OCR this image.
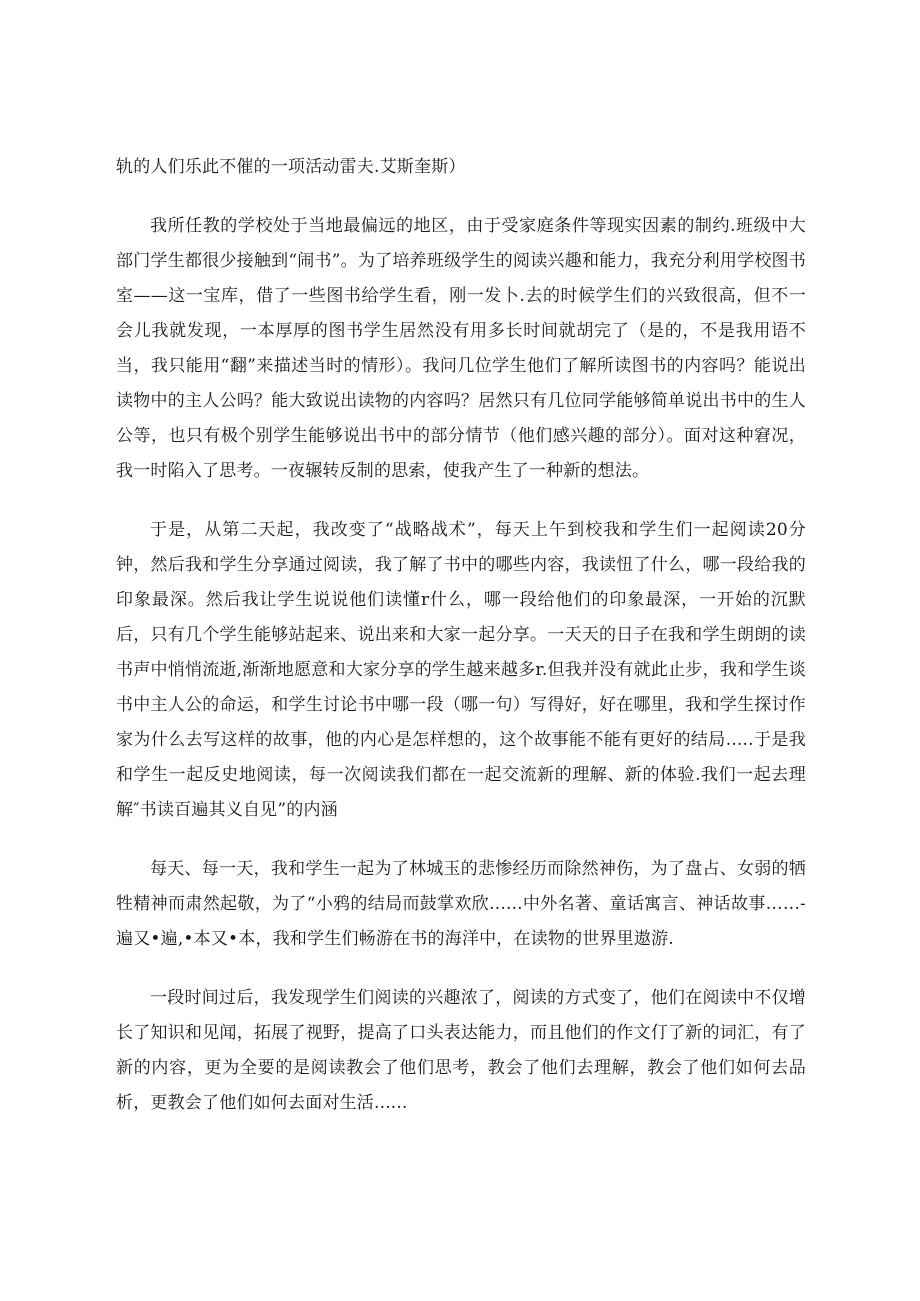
轨的人们乐此不催的一项活动雷夫.艾斯奎斯）

我所任教的学校处于当地最偏远的地区，由于受家庭条件等现实因素的制约.班级中大部门学生都很少接触到“闹书”。为了培养班级学生的阅读兴趣和能力，我充分利用学校图书室——这一宝库，借了一些图书给学生看，刚一发卜.去的时候学生们的兴致很高，但不一会儿我就发现，一本厚厚的图书学生居然没有用多长时间就胡完了（是的，不是我用语不当，我只能用“翻”来描述当时的情形）。我问几位学生他们了解所读图书的内容吗？能说出读物中的主人公吗？能大致说出读物的内容吗？居然只有几位同学能够简单说出书中的生人公等，也只有极个别学生能够说出书中的部分情节（他们感兴趣的部分）。面对这种窘况，我一时陷入了思考。一夜辗转反制的思索，使我产生了一种新的想法。

于是，从第二天起，我改变了“战略战术”，每天上午到校我和学生们一起阅读20分钟，然后我和学生分享通过阅读，我了解了书中的哪些内容，我读忸了什么，哪一段给我的印象最深。然后我让学生说说他们读懂r什么，哪一段给他们的印象最深，一开始的沉默后，只有几个学生能够站起来、说出来和大家一起分享。一天天的日子在我和学生朗朗的读书声中悄悄流逝,渐渐地愿意和大家分享的学生越来越多r.但我并没有就此止步，我和学生谈书中主人公的命运，和学生讨论书中哪一段（哪一句）写得好，好在哪里，我和学生探讨作家为什么去写这样的故事，他的内心是怎样想的，这个故事能不能有更好的结局.....于是我和学生一起反史地阅读，每一次阅读我们都在一起交流新的理解、新的体验.我们一起去理解″书读百遍其义自见”的内涵

每天、每一天，我和学生一起为了林城玉的悲惨经历而除然神伤，为了盘占、女弱的牺牲精神而肃然起敬，为了“小鸦的结局而鼓掌欢欣......中外名著、童话寓言、神话故事……-遍又•遍,•本又•本，我和学生们畅游在书的海洋中，在读物的世界里遨游.

一段时间过后，我发现学生们阅读的兴趣浓了，阅读的方式变了，他们在阅读中不仅增长了知识和见闻，拓展了视野，提高了口头表达能力，而且他们的作文仃了新的词汇，有了新的内容，更为全要的是阅读教会了他们思考，教会了他们去理解，教会了他们如何去品析，更教会了他们如何去面对生活......
